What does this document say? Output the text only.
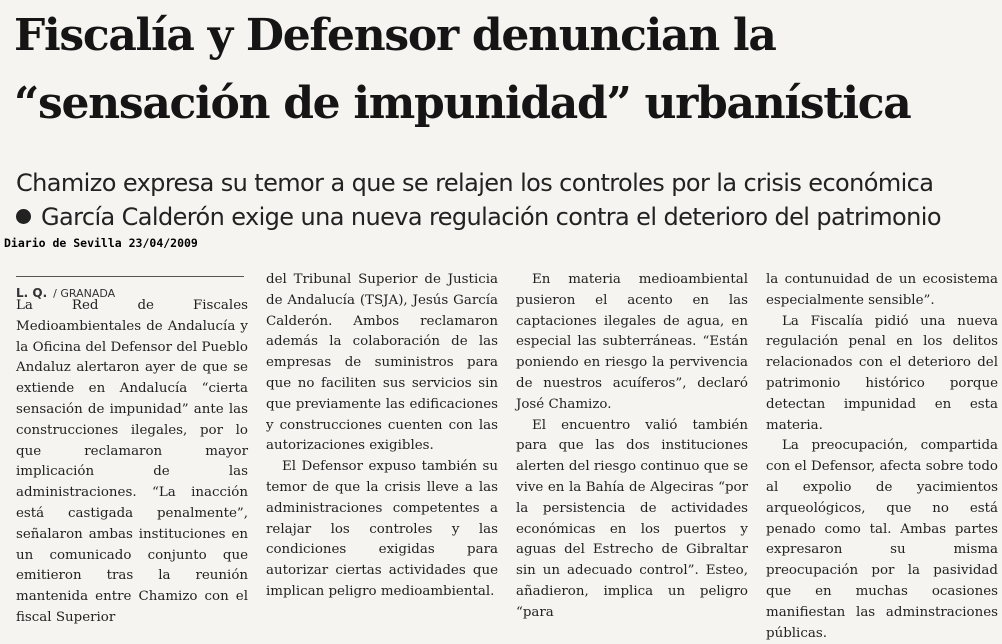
Fiscalía y Defensor denuncian la
“sensación de impunidad” urbanística
Chamizo expresa su temor a que se relajen los controles por la crisis económica
García Calderón exige una nueva regulación contra el deterioro del patrimonio
Diario de Sevilla 23/04/2009
L. Q. / GRANADA

La Red de Fiscales Medioambientales de Andalucía y la Oficina del Defensor del Pueblo Andaluz alertaron ayer de que se extiende en Andalucía “cierta sensación de impunidad” ante las construcciones ilegales, por lo que reclamaron mayor implicación de las administraciones. “La inacción está castigada penalmente”, señalaron ambas instituciones en un comunicado conjunto que emitieron tras la reunión mantenida entre Chamizo con el fiscal Superior

del Tribunal Superior de Justicia de Andalucía (TSJA), Jesús García Calderón. Ambos reclamaron además la colaboración de las empresas de suministros para que no faciliten sus servicios sin que previamente las edificaciones y construcciones cuenten con las autorizaciones exigibles.

El Defensor expuso también su temor de que la crisis lleve a las administraciones competentes a relajar los controles y las condiciones exigidas para autorizar ciertas actividades que implican peligro medioambiental.

En materia medioambiental pusieron el acento en las captaciones ilegales de agua, en especial las subterráneas. “Están poniendo en riesgo la pervivencia de nuestros acuíferos”, declaró José Chamizo.

El encuentro valió también para que las dos instituciones alerten del riesgo continuo que se vive en la Bahía de Algeciras “por la persistencia de actividades económicas en los puertos y aguas del Estrecho de Gibraltar sin un adecuado control”. Esteo, añadieron, implica un peligro “para

la contunuidad de un ecosistema especialmente sensible”.

La Fiscalía pidió una nueva regulación penal en los delitos relacionados con el deterioro del patrimonio histórico porque detectan impunidad en esta materia.

La preocupación, compartida con el Defensor, afecta sobre todo al expolio de yacimientos arqueológicos, que no está penado como tal. Ambas partes expresaron su misma preocupación por la pasividad que en muchas ocasiones manifiestan las adminstraciones públicas.
